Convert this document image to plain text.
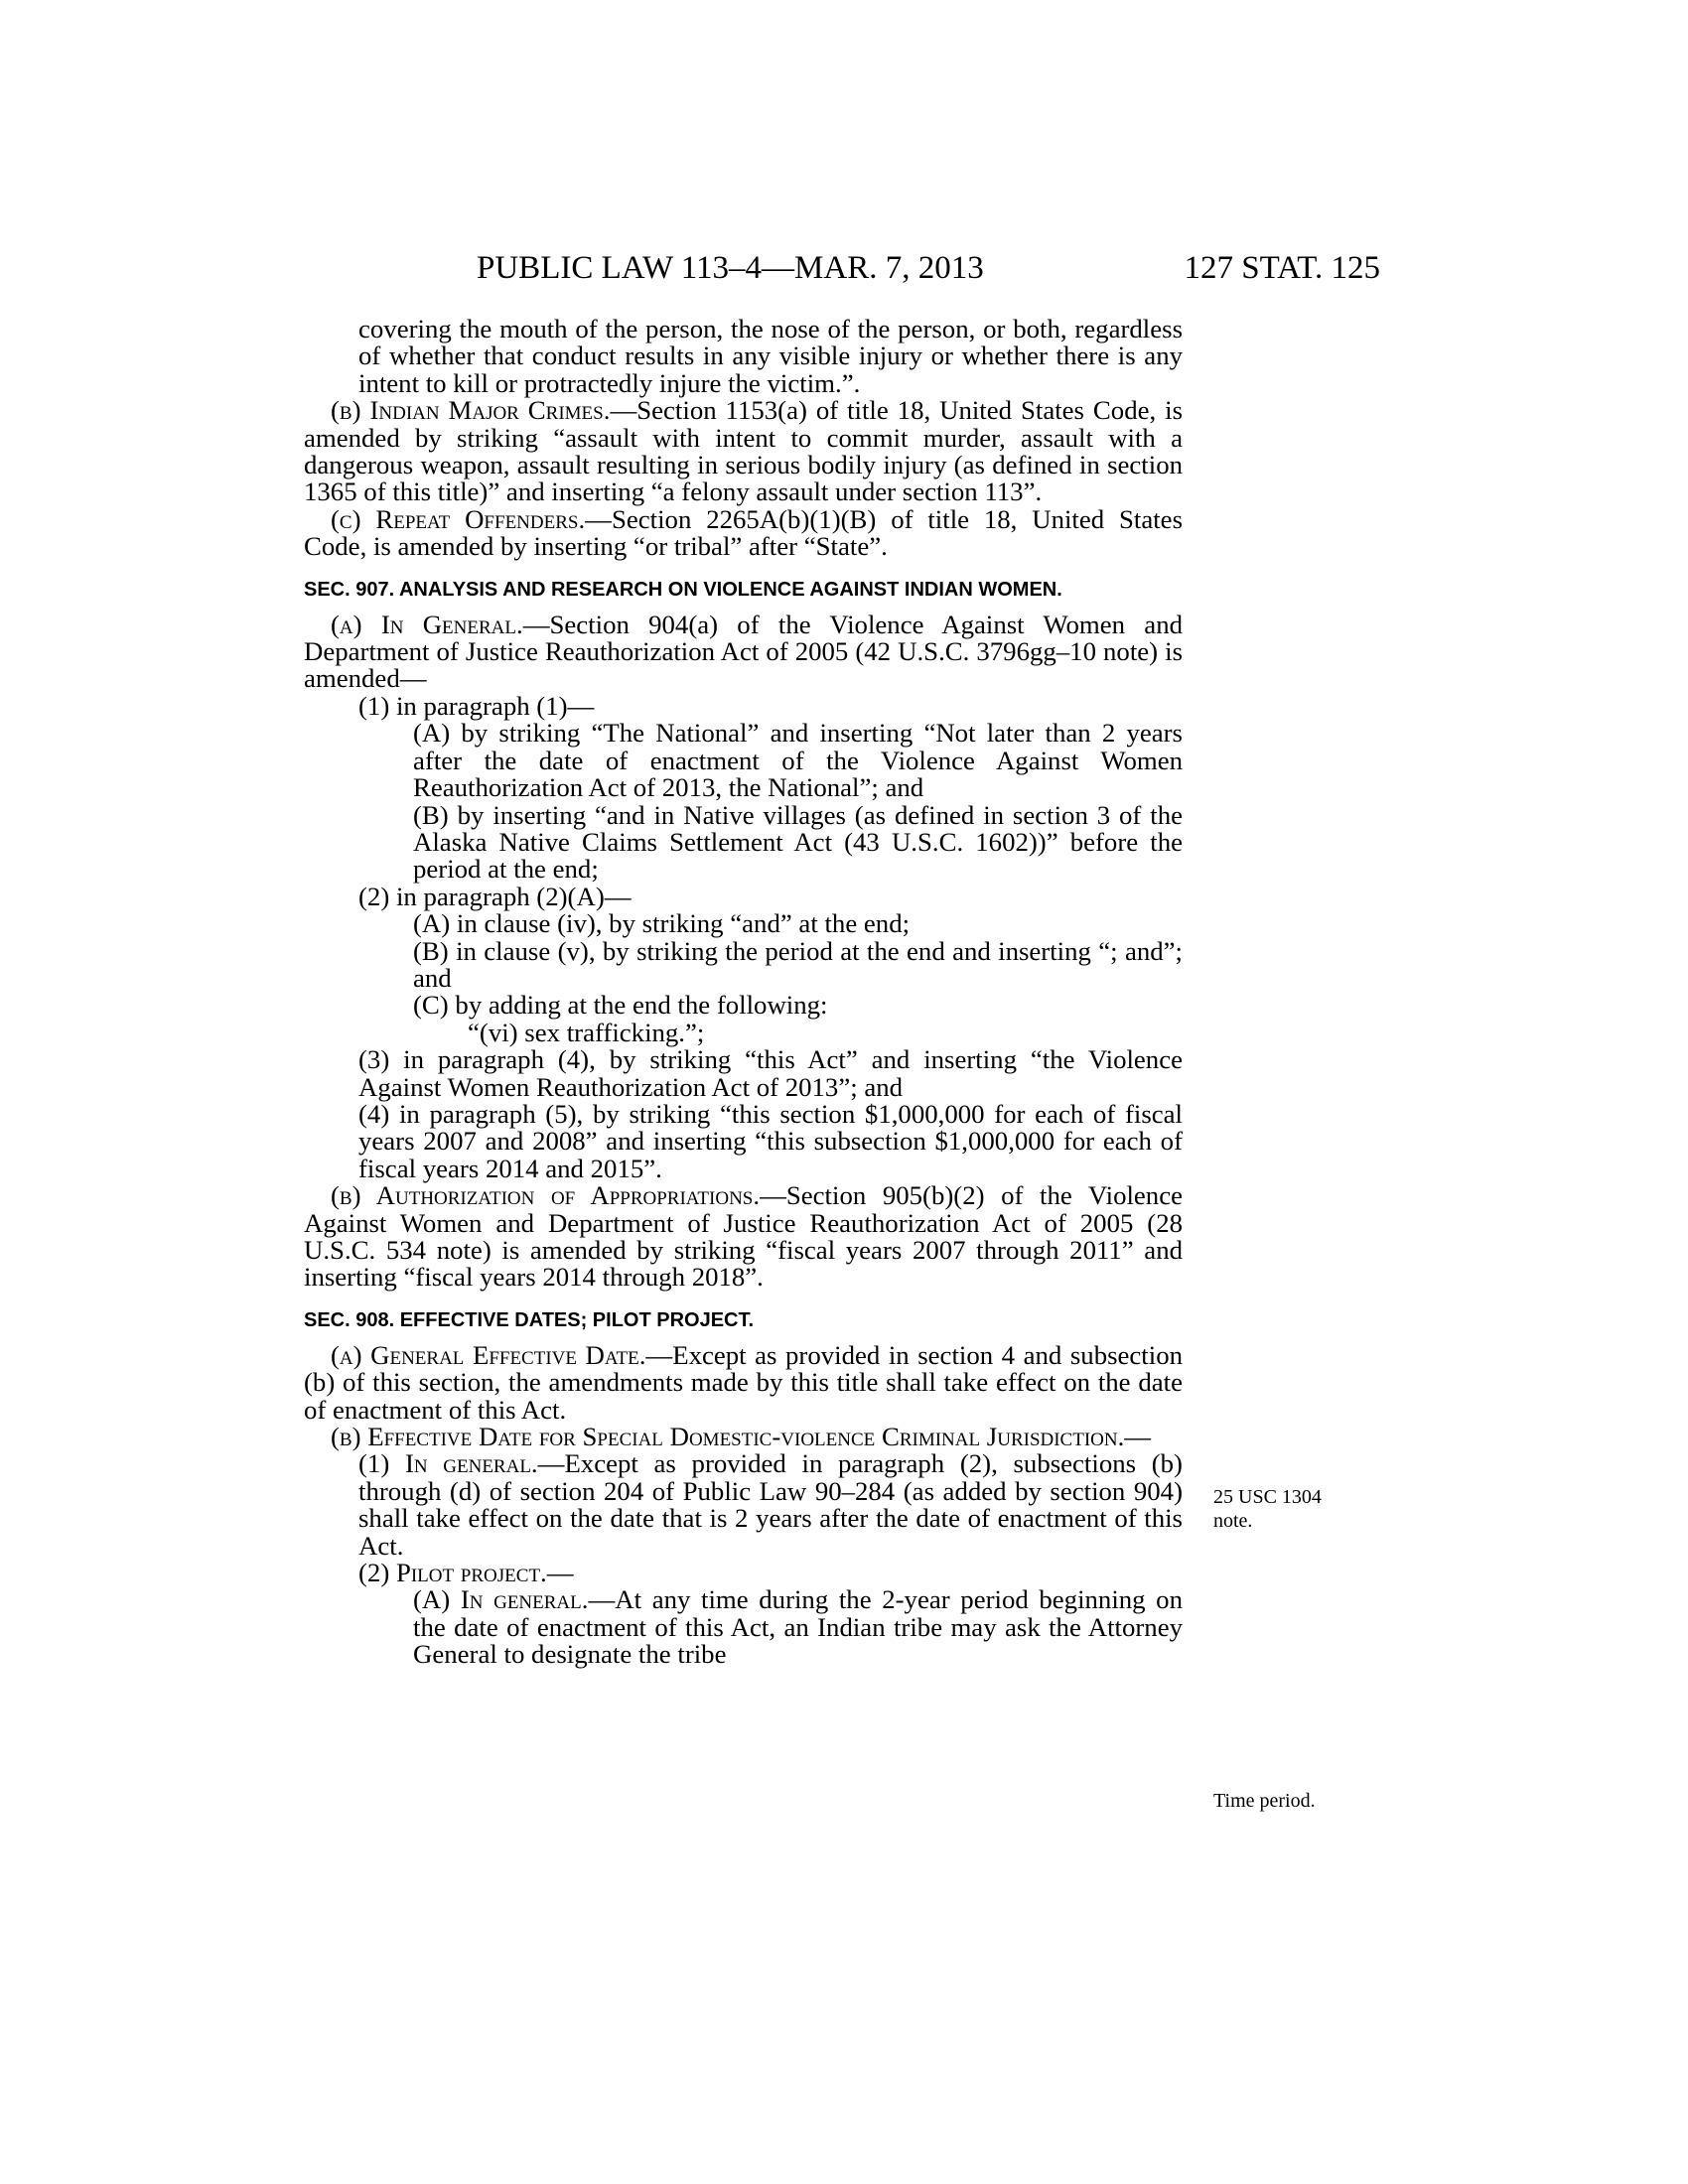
PUBLIC LAW 113–4—MAR. 7, 2013	127 STAT. 125

covering the mouth of the person, the nose of the person, or both, regardless of whether that conduct results in any visible injury or whether there is any intent to kill or protractedly injure the victim.”.

(b) Indian Major Crimes.—Section 1153(a) of title 18, United States Code, is amended by striking “assault with intent to commit murder, assault with a dangerous weapon, assault resulting in serious bodily injury (as defined in section 1365 of this title)” and inserting “a felony assault under section 113”.

(c) Repeat Offenders.—Section 2265A(b)(1)(B) of title 18, United States Code, is amended by inserting “or tribal” after “State”.

SEC. 907. ANALYSIS AND RESEARCH ON VIOLENCE AGAINST INDIAN WOMEN.

(a) In General.—Section 904(a) of the Violence Against Women and Department of Justice Reauthorization Act of 2005 (42 U.S.C. 3796gg–10 note) is amended—

(1) in paragraph (1)—

(A) by striking “The National” and inserting “Not later than 2 years after the date of enactment of the Violence Against Women Reauthorization Act of 2013, the National”; and

(B) by inserting “and in Native villages (as defined in section 3 of the Alaska Native Claims Settlement Act (43 U.S.C. 1602))” before the period at the end;

(2) in paragraph (2)(A)—

(A) in clause (iv), by striking “and” at the end;

(B) in clause (v), by striking the period at the end and inserting “; and”; and

(C) by adding at the end the following:

“(vi) sex trafficking.”;

(3) in paragraph (4), by striking “this Act” and inserting “the Violence Against Women Reauthorization Act of 2013”; and

(4) in paragraph (5), by striking “this section $1,000,000 for each of fiscal years 2007 and 2008” and inserting “this subsection $1,000,000 for each of fiscal years 2014 and 2015”.

(b) Authorization of Appropriations.—Section 905(b)(2) of the Violence Against Women and Department of Justice Reauthorization Act of 2005 (28 U.S.C. 534 note) is amended by striking “fiscal years 2007 through 2011” and inserting “fiscal years 2014 through 2018”.

SEC. 908. EFFECTIVE DATES; PILOT PROJECT.

(a) General Effective Date.—Except as provided in section 4 and subsection (b) of this section, the amendments made by this title shall take effect on the date of enactment of this Act.

(b) Effective Date for Special Domestic-violence Criminal Jurisdiction.—

(1) In general.—Except as provided in paragraph (2), subsections (b) through (d) of section 204 of Public Law 90–284 (as added by section 904) shall take effect on the date that is 2 years after the date of enactment of this Act.

(2) Pilot project.—

(A) In general.—At any time during the 2-year period beginning on the date of enactment of this Act, an Indian tribe may ask the Attorney General to designate the tribe

25 USC 1304 note.
Time period.
